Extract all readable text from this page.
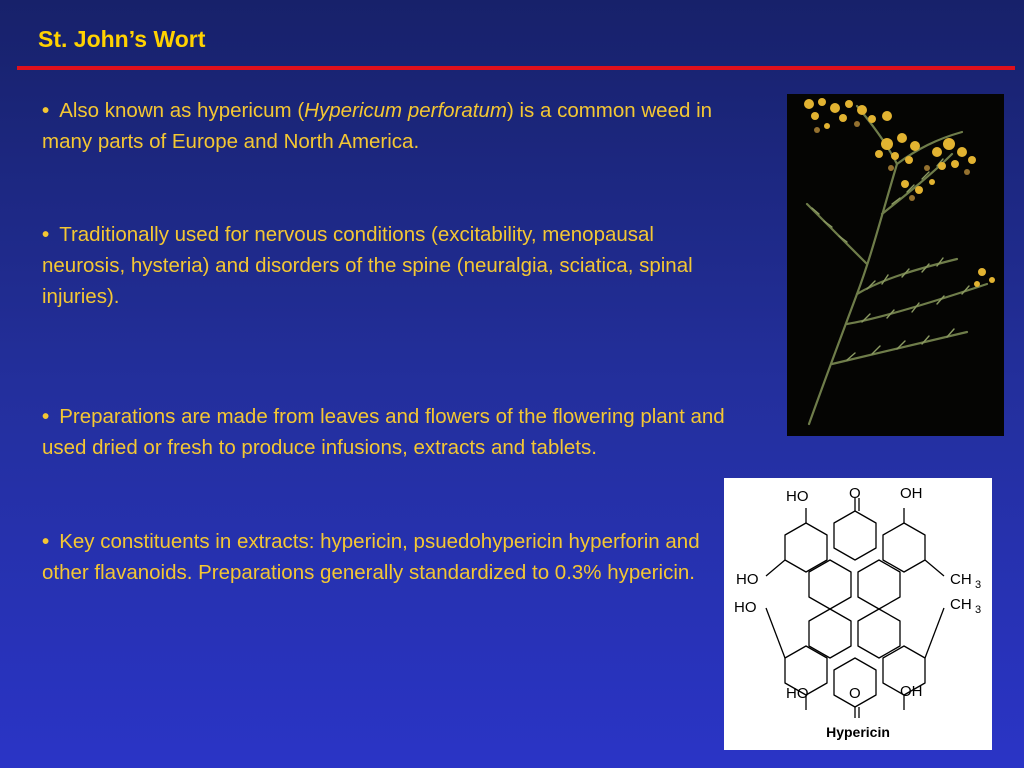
St. John’s Wort
• Also known as hypericum (Hypericum perforatum) is a common weed in many parts of Europe and North America.
• Traditionally used for nervous conditions (excitability, menopausal neurosis, hysteria) and disorders of the spine (neuralgia, sciatica, spinal injuries).
• Preparations are made from leaves and flowers of the flowering plant and used dried or fresh to produce infusions, extracts and tablets.
• Key constituents in extracts: hypericin, psuedohypericin hyperforin and other flavanoids. Preparations generally standardized to 0.3% hypericin.
HO	O	OH
HO
HO
CH 3
CH 3
HO	O	OH
Hypericin
